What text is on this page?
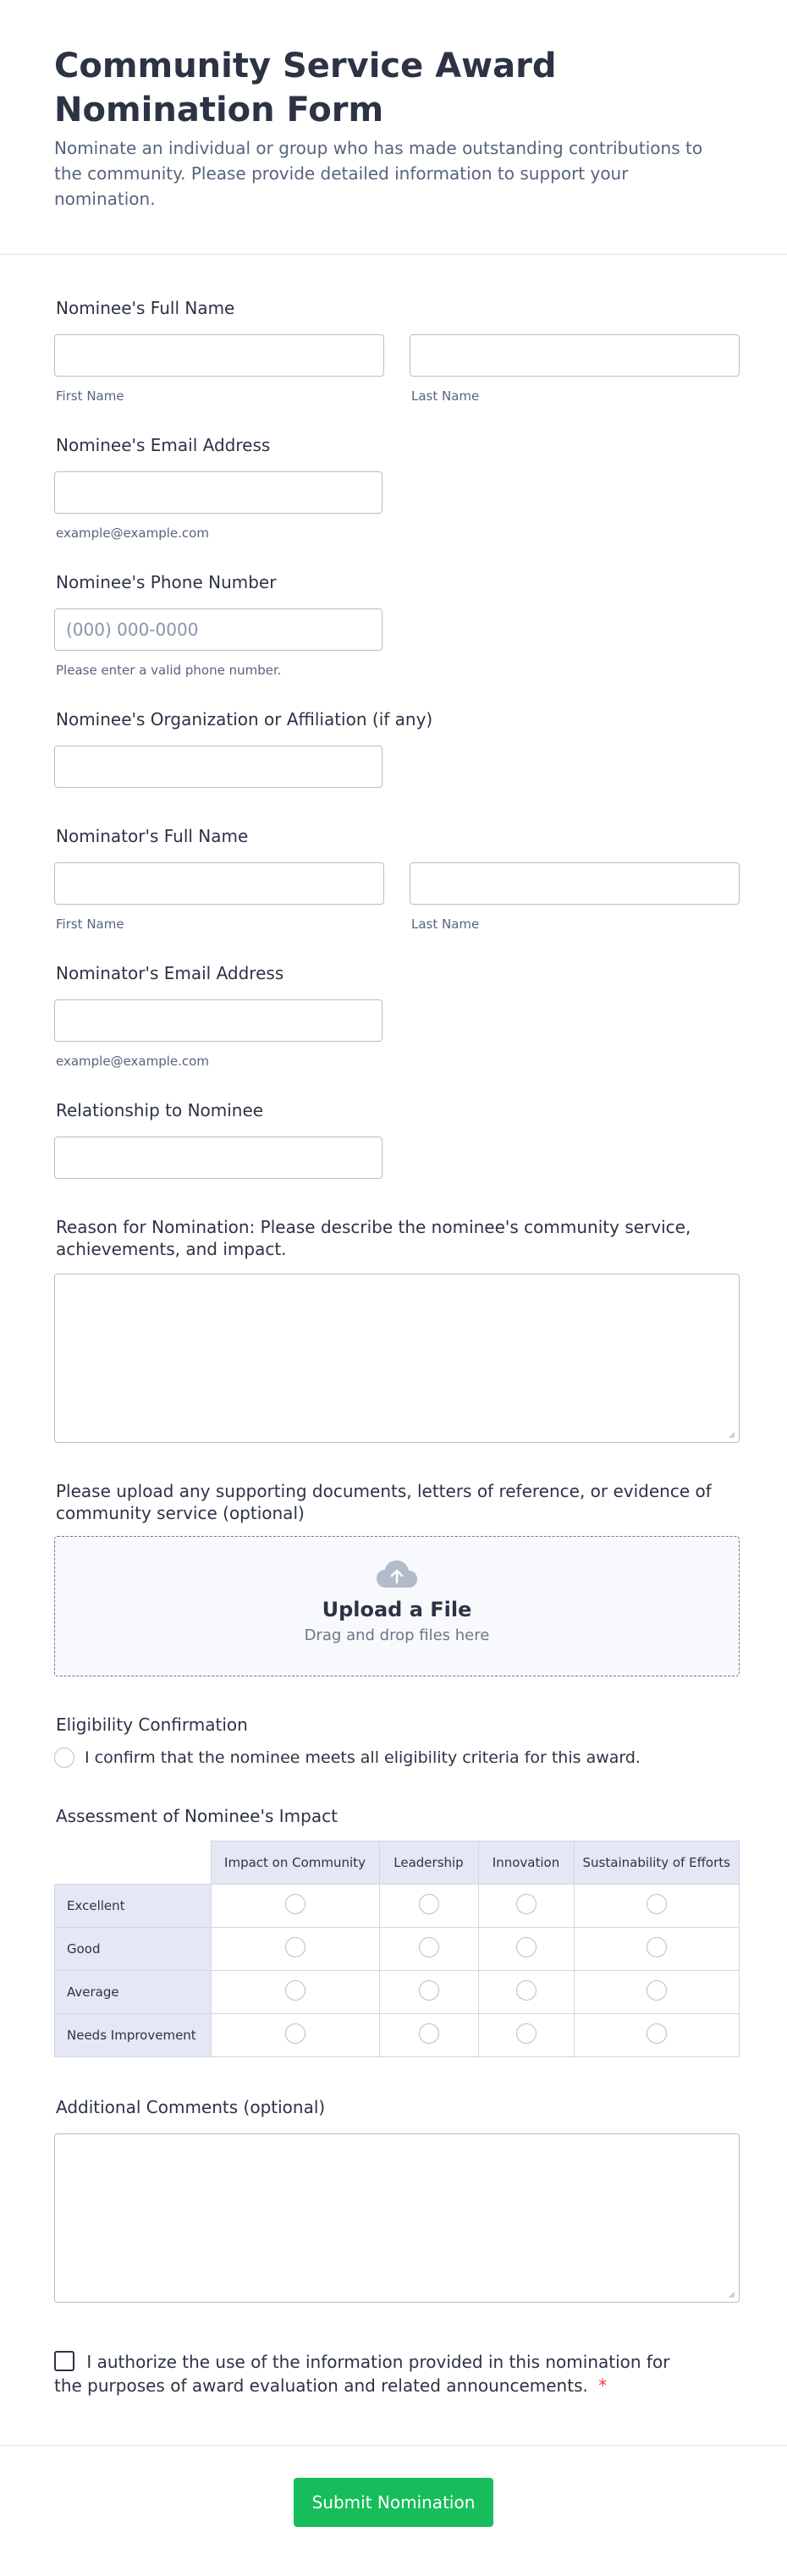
Community Service Award Nomination Form
Nominate an individual or group who has made outstanding contributions to the community. Please provide detailed information to support your nomination.
Nominee's Full Name
First Name	Last Name
Nominee's Email Address
example@example.com
Nominee's Phone Number
(000) 000-0000
Please enter a valid phone number.
Nominee's Organization or Affiliation (if any)
Nominator's Full Name
First Name	Last Name
Nominator's Email Address
example@example.com
Relationship to Nominee
Reason for Nomination: Please describe the nominee's community service, achievements, and impact.
Please upload any supporting documents, letters of reference, or evidence of community service (optional)
Upload a File
Drag and drop files here
Eligibility Confirmation
I confirm that the nominee meets all eligibility criteria for this award.
Assessment of Nominee's Impact
	Impact on Community	Leadership	Innovation	Sustainability of Efforts
Excellent				
Good				
Average				
Needs Improvement				
Additional Comments (optional)
I authorize the use of the information provided in this nomination for the purposes of award evaluation and related announcements. *
Submit Nomination
